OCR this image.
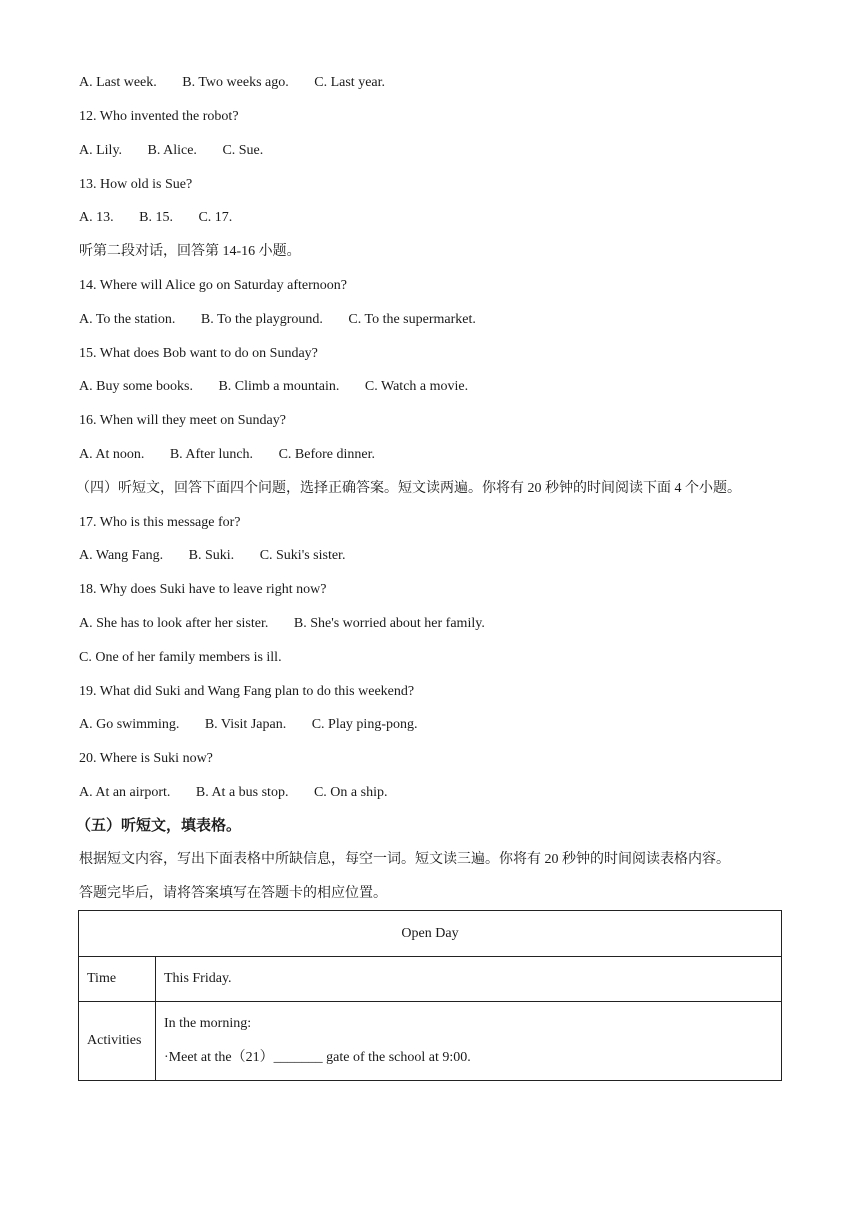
A. Last week. B. Two weeks ago. C. Last year.
12. Who invented the robot?
A. Lily. B. Alice. C. Sue.
13. How old is Sue?
A. 13. B. 15. C. 17.
听第二段对话，回答第 14-16 小题。
14. Where will Alice go on Saturday afternoon?
A. To the station. B. To the playground. C. To the supermarket.
15. What does Bob want to do on Sunday?
A. Buy some books. B. Climb a mountain. C. Watch a movie.
16. When will they meet on Sunday?
A. At noon. B. After lunch. C. Before dinner.
（四）听短文，回答下面四个问题，选择正确答案。短文读两遍。你将有 20 秒钟的时间阅读下面 4 个小题。
17. Who is this message for?
A. Wang Fang. B. Suki. C. Suki's sister.
18. Why does Suki have to leave right now?
A. She has to look after her sister. B. She's worried about her family.
C. One of her family members is ill.
19. What did Suki and Wang Fang plan to do this weekend?
A. Go swimming. B. Visit Japan. C. Play ping-pong.
20. Where is Suki now?
A. At an airport. B. At a bus stop. C. On a ship.
（五）听短文，填表格。
根据短文内容，写出下面表格中所缺信息，每空一词。短文读三遍。你将有 20 秒钟的时间阅读表格内容。
答题完毕后，请将答案填写在答题卡的相应位置。
Open Day	
Time	This Friday.
Activities	In the morning:
·Meet at the（21）_______ gate of the school at 9:00.
